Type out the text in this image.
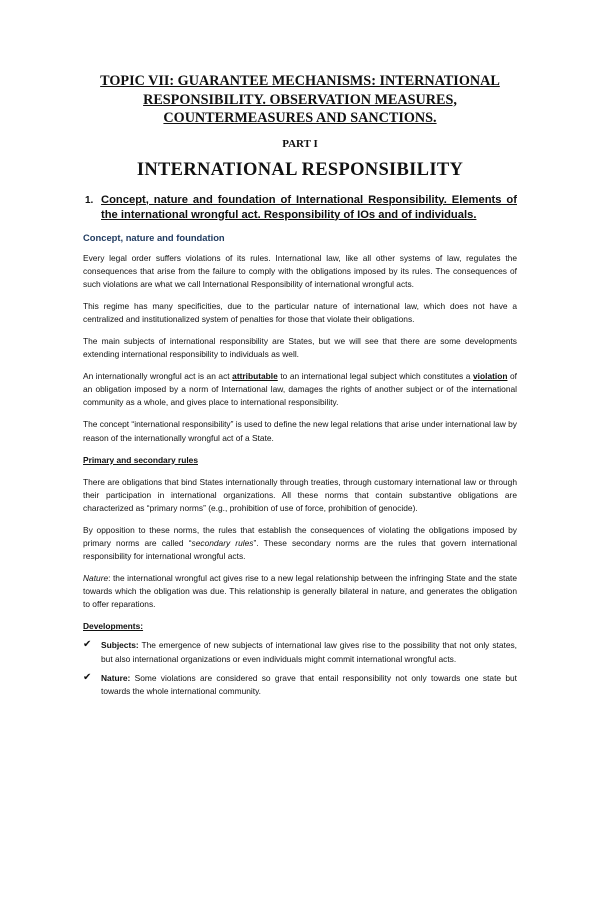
TOPIC VII: GUARANTEE MECHANISMS: INTERNATIONAL RESPONSIBILITY. OBSERVATION MEASURES, COUNTERMEASURES AND SANCTIONS.
PART I
INTERNATIONAL RESPONSIBILITY
1. Concept, nature and foundation of International Responsibility. Elements of the international wrongful act. Responsibility of IOs and of individuals.
Concept, nature and foundation

Every legal order suffers violations of its rules. International law, like all other systems of law, regulates the consequences that arise from the failure to comply with the obligations imposed by its rules. The consequences of such violations are what we call International Responsibility of international wrongful acts.

This regime has many specificities, due to the particular nature of international law, which does not have a centralized and institutionalized system of penalties for those that violate their obligations.

The main subjects of international responsibility are States, but we will see that there are some developments extending international responsibility to individuals as well.

An internationally wrongful act is an act attributable to an international legal subject which constitutes a violation of an obligation imposed by a norm of International law, damages the rights of another subject or of the international community as a whole, and gives place to international responsibility.

The concept “international responsibility” is used to define the new legal relations that arise under international law by reason of the internationally wrongful act of a State.

Primary and secondary rules

There are obligations that bind States internationally through treaties, through customary international law or through their participation in international organizations. All these norms that contain substantive obligations are characterized as “primary norms” (e.g., prohibition of use of force, prohibition of genocide).

By opposition to these norms, the rules that establish the consequences of violating the obligations imposed by primary norms are called “secondary rules”. These secondary norms are the rules that govern international responsibility for international wrongful acts.

Nature: the international wrongful act gives rise to a new legal relationship between the infringing State and the state towards which the obligation was due. This relationship is generally bilateral in nature, and generates the obligation to offer reparations.

Developments:
✔	Subjects: The emergence of new subjects of international law gives rise to the possibility that not only states, but also international organizations or even individuals might commit international wrongful acts.
✔	Nature: Some violations are considered so grave that entail responsibility not only towards one state but towards the whole international community.
